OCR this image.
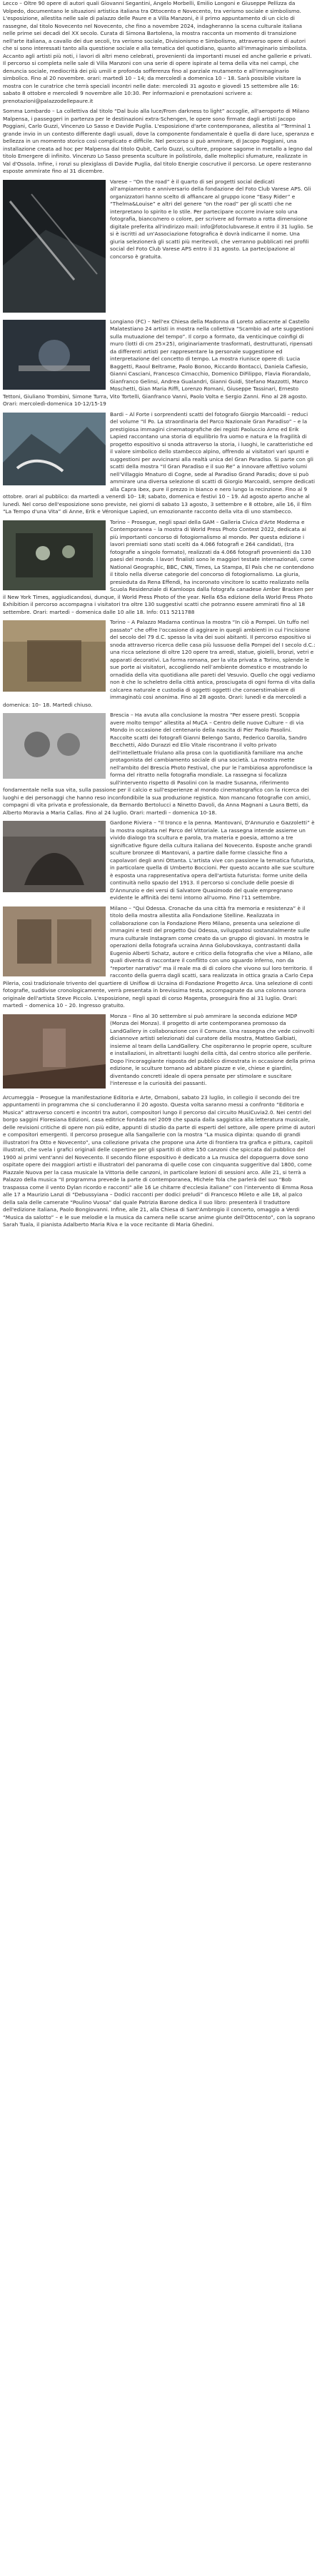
Lecco – Oltre 90 opere di autori quali Giovanni Segantini, Angelo Morbelli, Emilio Longoni e Giuseppe Pellizza da Volpedo, documentano le situazioni artistica italiana tra Ottocento e Novecento, tra verismo sociale e simbolismo. L'esposizione, allestita nelle sale di palazzo delle Paure e a Villa Manzoni, è il primo appuntamento di un ciclo di rassegne, dal titolo Novecento nel Novecento, che fino a novembre 2024, indagheranno la scena culturale italiana nelle prime sei decadi del XX secolo. Curata di Simona Bartolena, la mostra racconta un momento di transizione nell'arte italiana, a cavallo dei due secoli, tra verismo sociale, Divisionismo e Simbolismo, attraverso opere di autori che si sono interessati tanto alla questione sociale e alla tematica del quotidiano, quanto all'immaginario simbolista. Accanto agli artisti più noti, i lavori di altri meno celebrati, provenienti da importanti musei ed anche gallerie e privati. Il percorso si completa nelle sale di Villa Manzoni con una serie di opere ispirate al tema della vita nei campi, che denuncia sociale, mediocrità dei più umili e profonda sofferenza fino al parziale mutamento e all'immaginario simbolico. Fino al 20 novembre. orari: martedì 10 – 14; da mercoledì a domenica 10 – 18. Sarà possibile visitare la mostra con le curatrice che terrà speciali incontri nelle date: mercoledì 31 agosto e giovedì 15 settembre alle 16: sabato 8 ottobre e mercoledì 9 novembre alle 10:30. Per informazioni e prenotazioni scrivere a: prenotazioni@palazzodellepaure.it

Somma Lombardo – La collettiva dal titolo “Dal buio alla luce/From darkness to light” accoglie, all'aeroporto di Milano Malpensa, i passeggeri in partenza per le destinazioni extra-Schengen, le opere sono firmate dagli artisti Jacopo Poggiani, Carlo Guzzi, Vincenzo Lo Sasso e Davide Puglia. L'esposizione d'arte contemporanea, allestita al “Terminal 1 grande invio in un contesto differente dagli usuali, dove la componente fondamentale è quella di dare luce, speranza e bellezza in un momento storico così complicato e difficile. Nel percorso si può ammirare, di Jacopo Poggiani, una installazione creata ad hoc per Malpensa dal titolo Qubit, Carlo Guzzi, scultore, propone sagome in metallo a legno dal titolo Emergere di infinito. Vincenzo Lo Sasso presenta sculture in polistirolo, dalle molteplici sfumature, realizzate in Val d'Ossola. Infine, i ronzi su plexiglass di Davide Puglia, dal titolo Energie coscrutive il percorso. Le opere resteranno esposte ammirate fino al 31 dicembre.

Varese – “On the road” è il quarto di sei progetti social dedicati all'ampiamento e anniversario della fondazione del Foto Club Varese APS. Gli organizzatori hanno scelto di affiancare al gruppo icone “Easy Rider” e “Thelma&Louise” e altri del genere “on the road” per gli scatti che ne interpretano lo spirito e lo stile. Per partecipare occorre inviare solo una fotografia, bianco/nero o colore, per scrivere ad formato a rotta dimensione digitale preferita all'indirizzo mail: info@fotoclubvarese.it entro il 31 luglio. Se si è iscritti ad un'Associazione fotografica è dovrà indicarne il nome. Una giuria selezionerà gli scatti più meritevoli, che verranno pubblicati nei profili social del Foto Club Varese APS entro il 31 agosto. La partecipazione al concorso è gratuita.

Longiano (FC) – Nell'ex Chiesa della Madonna di Loreto adiacente al Castello Malatestiano 24 artisti in mostra nella collettiva “Scambio ad arte suggestioni sulla mutuazione del tempo”. Il corpo a formato, da venticinque coinfigi di muro (lotti di cm 25×25), originariamente trasformati, destrutturati, ripensati da differenti artisti per rappresentare la personale suggestione ed interpretazione del concetto di tempo. La mostra riunisce opere di: Lucia Baggetti, Raoul Beltrame, Paolo Bonoo, Riccardo Bontacci, Daniela Cafiesio, Gianni Casciani, Francesco Cimacchio, Domenico DiFilippo, Flavia Fiorandalo, Gianfranco Gelinsi, Andrea Gualandri, Gianni Guidi, Stefano Mazzotti, Marco Moschetti, Gian Maria Riffi, Lorenzo Romani, Giuseppe Tassinari, Ernesto Tettoni, Giuliano Trombini, Simone Turra, Vito Tortelli, Gianfranco Vanni, Paolo Volta e Sergio Zanni. Fino al 28 agosto. Orari: mercoledì-domenica 10-12/15-19

Bardi – Al Forte i sorprendenti scatti del fotografo Giorgio Marcoaldi – reduci del volume “Il Po. La straordinaria del Parco Nazionale Gran Paradiso” – e la prestigiosa immagini cinematografiche dei registi Paoluccio Arno ed Erik Lapied raccontano una storia di equilibrio fra uomo e natura e la fragilità di progetto espositivo si snoda attraverso la storia, i luoghi, le caratteristiche ed il valore simbolico dello stambecco alpino, offrendo ai visitatori vari spunti e suggestioni per avvicinarsi alla realtà unica del Gran Paradiso. Si parte con gli scatti della mostra “Il Gran Paradiso e il suo Re” a innovare affettivo volumi nell’Villaggio Mnaturo di Cogne, sede al Paradiso Grand Paradis; dove si può ammirare una diversa selezione di scatti di Giorgio Marcoaldi, sempre dedicati alla Capra ibex, pure il prezzo in bianco e nero lungo la recinzione. Fino al 9 ottobre. orari al pubblico: da martedì a venerdì 10– 18; sabato, domenica e festivi 10 – 19. Ad agosto aperto anche al lunedì. Nel corso dell'esposizione sono previste, nei giorni di sabato 13 agosto, 3 settembre e 8 ottobre, alle 16, il film “La Tempo d'una Vita” di Anne, Erik e Véronique Lapied, un emozionante racconto della vita di uno stambecco.

Torino – Prosegue, negli spazi della GAM – Galleria Civica d'Arte Moderna e Contemporanea – la mostra di World Press Photo Contest 2022, dedicata ai più importanti concorso di fotogiornalismo al mondo. Per questa edizione i lavori premiati sono stati scelti da 4.066 fotografi e 264 candidati, (tra fotografie a singolo formato), realizzati da 4.066 fotografi provenienti da 130 paesi del mondo. I lavori finalisti sono le maggiori testate internazionali, come National Geographic, BBC, CNN, Times, La Stampa, El País che ne contendono il titolo nella diverse categorie del concorso di fotogiornalismo. La giuria, presieduta da Rena Effendi, ha incoronato vincitore lo scatto realizzato nella Scuola Residenziale di Kamloops dalla fotografa canadese Amber Bracken per il New York Times, aggiudicandosi, dunque, il World Press Photo of the year. Nella 65a edizione della World Press Photo Exhibition il percorso accompagna i visitatori tra oltre 130 suggestivi scatti che potranno essere ammirati fino al 18 settembre. Orari: martedì – domenica dalle 10 alle 18. Info: 011 5211788

Torino – A Palazzo Madama continua la mostra “In ciò a Pompei. Un tuffo nel passato” che offre l'occasione di aggirare in quegli ambienti in cui l'incisione del secolo del 79 d.C. spesso la vita dei suoi abitanti. Il percorso espositivo si snoda attraverso ricerca delle casa più lussuose della Pompei del I secolo d.C.: una ricca selezione di oltre 120 opere tra arredi, statue, gioielli, bronzi, vetri e apparati decorativi. La forma romana, per la vita privata a Torino, splende le sue porte ai visitatori, accogliendo nell’ambiente domestico e mostrando lo ornadida della vita quotidiana alle pareti del Vesuvio. Quello che oggi vediamo non è che lo scheletro della città antica, prosciugata di ogni forma di vita dalla calcarea naturale e custodia di oggetti oggetti che conserstimabiare di immaginatù cosi anonima. Fino al 28 agosto. Orari: lunedì e da mercoledì a domenica: 10– 18. Martedì chiuso.

Brescia – Ha avuta alla conclusione la mostra “Per essere presti. Scoppia avere molto tempo” allestita al MuCA – Centro delle nuove Culture – di via Mondo in occasione del centenario della nascita di Pier Paolo Pasolini. Raccolte scatti dei fotografi Gianni Belengo Santo, Federico Garolla, Sandro Becchetti, Aldo Durazzi ed Elio Vitale riscontrano il volto privato dell'intellettuale friulano alla prosa con la quotidianità familiare ma anche protagonista del cambiamento sociale di una società. La mostra mette nell'ambito del Brescia Photo Festival, che pur le l'ambiziosa approfondisce la forma del ritratto nella fotografia mondiale. La rassegna si focalizza sull'intervento rispetto di Pasolini con la madre Susanna, riferimento fondamentale nella sua vita, sulla passione per il calcio e sull'esperienze al mondo cinematografico con la ricerca dei luoghi e dei personaggi che hanno reso inconfondibile la sua produzione registica. Non mancano fotografie con amici, compagni di vita privata e professionale, da Bernardo Bertolucci a Ninetto Davoli, da Anna Magnani a Laura Betti, da Alberto Moravia a Maria Callas. Fino al 24 luglio. Orari: martedì – domenica 10-18.

Gardone Riviera – “Il tronco e la penna. Mantovani, D'Annunzio e Gazzoletti” è la mostra ospitata nel Parco del Vittoriale. La rassegna intende assieme un vivido dialogo tra scultura e parola, tra materia e poesia, attorno a tre significative figure della cultura italiana del Novecento. Esposte anche grandi sculture bronzee di Mantovani, a partire dalle forme classiche fino a capolavori degli anni Ottanta. L'artista vive con passione la tematica futurista, in particolare quella di Umberto Boccioni. Per questo accanto alle sue sculture è esposta una rappresentativa opera dell'artista futurista: forme unite della continuità nello spazio del 1913. Il percorso si conclude delle poesie di D'Annunzio e dei versi di Salvatore Quasimodo del quale empregnano evidente le affinità dei temi intorno all'uomo. Fino l'11 settembre.

Milano – “Qui Odessa. Cronache da una città fra memoria e resistenza” è il titolo della mostra allestita alla Fondazione Stelline. Realizzata in collaborazione con la Fondazione Piero Milano, presenta una selezione di immagini e testi del progetto Qui Odessa, sviluppatosi sostanzialmente sulle mura culturale Instagram come creato da un gruppo di giovani. In mostra le operazioni della fotografa ucraina Anna Golubovskaya, contrastanti dalla Eugenio Alberti Schatz, autore e critico della fotografia che vive a Milano, alle quali diventa di raccontare il conflitto con uno sguardo inferno, non da “reporter narrativo” ma il reale ma di di coloro che vivono sul loro territorio. Il racconto della guerra dagli scatti, sara realizzata in ottica grazia a Carlo Cepa Pileria, così tradizionale trivento del quartiere di Uniflow di Ucraina di Fondazione Progetto Arca. Una selezione di conti fotografie, suddivise cronologicamente, verrà presentata in brevissima testa, accompagnate da una colonna sonora originale dell'artista Steve Piccolo. L'esposizione, negli spazi di corso Magenta, proseguirà fino al 31 luglio. Orari: martedì – domenica 10 – 20. Ingresso gratuito.

Monza – Fino al 30 settembre si può ammirare la seconda edizione MDP (Monza dei Monza). Il progetto di arte contemporanea promosso da LandGallery in collaborazione con il Comune. Una rassegna che vede coinvolti diciannove artisti selezionati dal curatore della mostra, Matteo Galbiati, insieme al team della LandGallery. Che ospiteranno le proprie opere, sculture e installazioni, in altrettanti luoghi della città, dal centro storico alle periferie. Dopo l'incoraggiante risposta del pubblico dimostrata in occasione della prima edizione, le sculture tornano ad abitare piazze e vie, chiese e giardini, diventando concreti ideale di opera pensate per stimolare e suscitare l'interesse e la curiosità dei passanti.

Arcumeggia – Prosegue la manifestazione Editoria e Arte, Ornaboni, sabato 23 luglio, in collegio il secondo dei tre appuntamenti in programma che si concluderanno il 20 agosto. Questa volta saranno messi a confronto “Editoria e Musica” attraverso concerti e incontri tra autori, compositori lungo il percorso dal circuito MusiCuvia2.0. Nei centri del borgo saggini Floresiana Edizioni, casa editrice fondata nel 2009 che spazia dalla saggistica alla letteratura musicale, delle revisioni critiche di opere non più edite, appunti di studio da parte di esperti del settore, alle opere prime di autori e compositori emergenti. Il percorso prosegue alla Sangallerie con la mostra “La musica dipinta: quando di grandi illustratori fra Otto e Novecento”, una collezione privata che propone una Arte di frontiera tra grafica e pittura, capitoli illustrati, che svela i grafici originali delle copertine per gli spartiti di oltre 150 canzoni che spiccata dal pubblico del 1900 ai primi vent'anni del Novecento. Il secondo filone espositivo è dedicato a La musica del dopoguerra dove sono ospitate opere dei maggiori artisti e illustratori del panorama di quelle cose con cinquanta suggeritive dal 1800, come Piazzale Nuova per la casa musicale la Vittoria delle canzoni, in particolare lezioni di sessioni arco. Alle 21, si terrà a Palazzo della musica “Il programma prevede la parte di contemporanea, Michele Tola che parlerà del suo “Bob traspassa come il vento Dylan ricordo e racconti” alle 16 Le chitarre d'ecclesia italiane” con l'intervento di Emma Rosa alle 17 a Maurizio Lanzi di “Debussyiana – Dodici racconti per dodici preludi” di Francesco Mileto e alle 18, al palco della sala delle camerate “Poulino Vuosa” dal quale Patrizia Barone dedica il suo libro: presenterà il traduttore dell'edizione italiana, Paolo Bongiovanni. Infine, alle 21, alla Chiesa di Sant'Ambrogio il concerto, omaggio a Verdi “Musica da salotto” – e le sue melodie e la musica da camera nelle scarse anime giunte dell'Ottocento”, con la soprano Sarah Tuala, il pianista Adalberto Maria Riva e la voce recitante di Maria Ghedini.
